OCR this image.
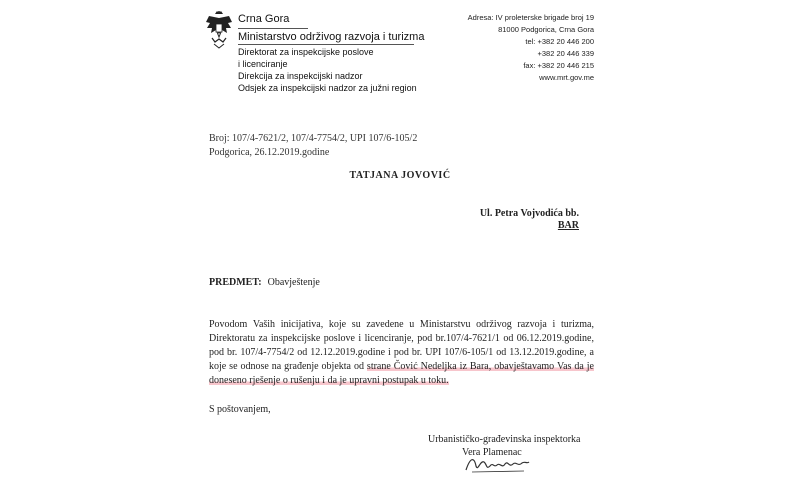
Crna Gora
Ministarstvo održivog razvoja i turizma
Direktorat za inspekcijske poslove
i licenciranje
Direkcija za inspekcijski nadzor
Odsjek za inspekcijski nadzor za južni region
Adresa: IV proleterske brigade broj 19
81000 Podgorica, Crna Gora
tel: +382 20 446 200
+382 20 446 339
fax: +382 20 446 215
www.mrt.gov.me
Broj: 107/4-7621/2, 107/4-7754/2, UPI 107/6-105/2
Podgorica, 26.12.2019.godine
TATJANA JOVOVIĆ
Ul. Petra Vojvodića bb.
BAR
PREDMET: Obavještenje
Povodom Vaših inicijativa, koje su zavedene u Ministarstvu održivog razvoja i turizma, Direktoratu za inspekcijske poslove i licenciranje, pod br.107/4-7621/1 od 06.12.2019.godine, pod br. 107/4-7754/2 od 12.12.2019.godine i pod br. UPI 107/6-105/1 od 13.12.2019.godine, a koje se odnose na građenje objekta od strane Čović Nedeljka iz Bara, obavještavamo Vas da je doneseno rješenje o rušenju i da je upravni postupak u toku.
S poštovanjem,
Urbanističko-građevinska inspektorka
Vera Plamenac
